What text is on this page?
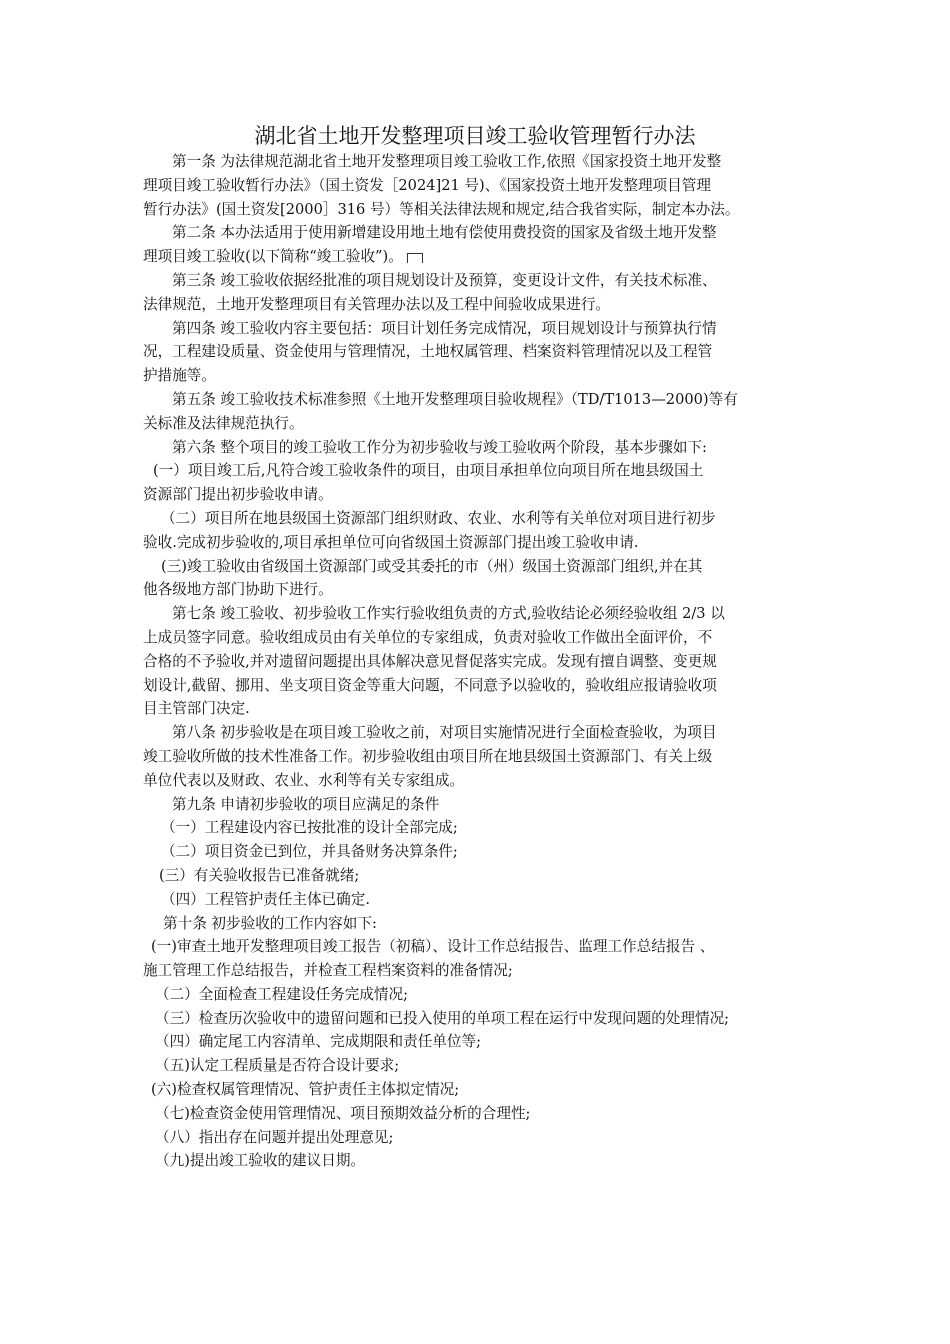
湖北省土地开发整理项目竣工验收管理暂行办法

第一条 为法律规范湖北省土地开发整理项目竣工验收工作,依照《国家投资土地开发整

理项目竣工验收暂行办法》（国土资发［2024]21 号)、《国家投资土地开发整理项目管理

暂行办法》(国土资发[2000］316 号）等相关法律法规和规定,结合我省实际，制定本办法。

第二条 本办法适用于使用新增建设用地土地有偿使用费投资的国家及省级土地开发整

理项目竣工验收(以下简称“竣工验收”)。

第三条 竣工验收依据经批准的项目规划设计及预算，变更设计文件，有关技术标准、

法律规范，土地开发整理项目有关管理办法以及工程中间验收成果进行。

第四条 竣工验收内容主要包括：项目计划任务完成情况，项目规划设计与预算执行情

况，工程建设质量、资金使用与管理情况，土地权属管理、档案资料管理情况以及工程管

护措施等。

第五条 竣工验收技术标准参照《土地开发整理项目验收规程》（TD/T1013—2000)等有

关标准及法律规范执行。

第六条 整个项目的竣工验收工作分为初步验收与竣工验收两个阶段，基本步骤如下:

(一）项目竣工后,凡符合竣工验收条件的项目，由项目承担单位向项目所在地县级国土

资源部门提出初步验收申请。

（二）项目所在地县级国土资源部门组织财政、农业、水利等有关单位对项目进行初步

验收.完成初步验收的,项目承担单位可向省级国土资源部门提出竣工验收申请.

(三)竣工验收由省级国土资源部门或受其委托的市（州）级国土资源部门组织,并在其

他各级地方部门协助下进行。

第七条 竣工验收、初步验收工作实行验收组负责的方式,验收结论必须经验收组 2/3 以

上成员签字同意。验收组成员由有关单位的专家组成，负责对验收工作做出全面评价，不

合格的不予验收,并对遗留问题提出具体解决意见督促落实完成。发现有擅自调整、变更规

划设计,截留、挪用、坐支项目资金等重大问题，不同意予以验收的，验收组应报请验收项

目主管部门决定.

第八条 初步验收是在项目竣工验收之前，对项目实施情况进行全面检查验收，为项目

竣工验收所做的技术性准备工作。初步验收组由项目所在地县级国土资源部门、有关上级

单位代表以及财政、农业、水利等有关专家组成。

第九条 申请初步验收的项目应满足的条件

（一）工程建设内容已按批准的设计全部完成;

（二）项目资金已到位，并具备财务决算条件;

(三）有关验收报告已准备就绪;

（四）工程管护责任主体已确定.

第十条 初步验收的工作内容如下:

(一)审查土地开发整理项目竣工报告（初稿）、设计工作总结报告、监理工作总结报告 、

施工管理工作总结报告，并检查工程档案资料的准备情况;

（二）全面检查工程建设任务完成情况;

（三）检查历次验收中的遗留问题和已投入使用的单项工程在运行中发现问题的处理情况;

（四）确定尾工内容清单、完成期限和责任单位等;

（五)认定工程质量是否符合设计要求;

(六)检查权属管理情况、管护责任主体拟定情况;

（七)检查资金使用管理情况、项目预期效益分析的合理性;

（八）指出存在问题并提出处理意见;

（九)提出竣工验收的建议日期。
